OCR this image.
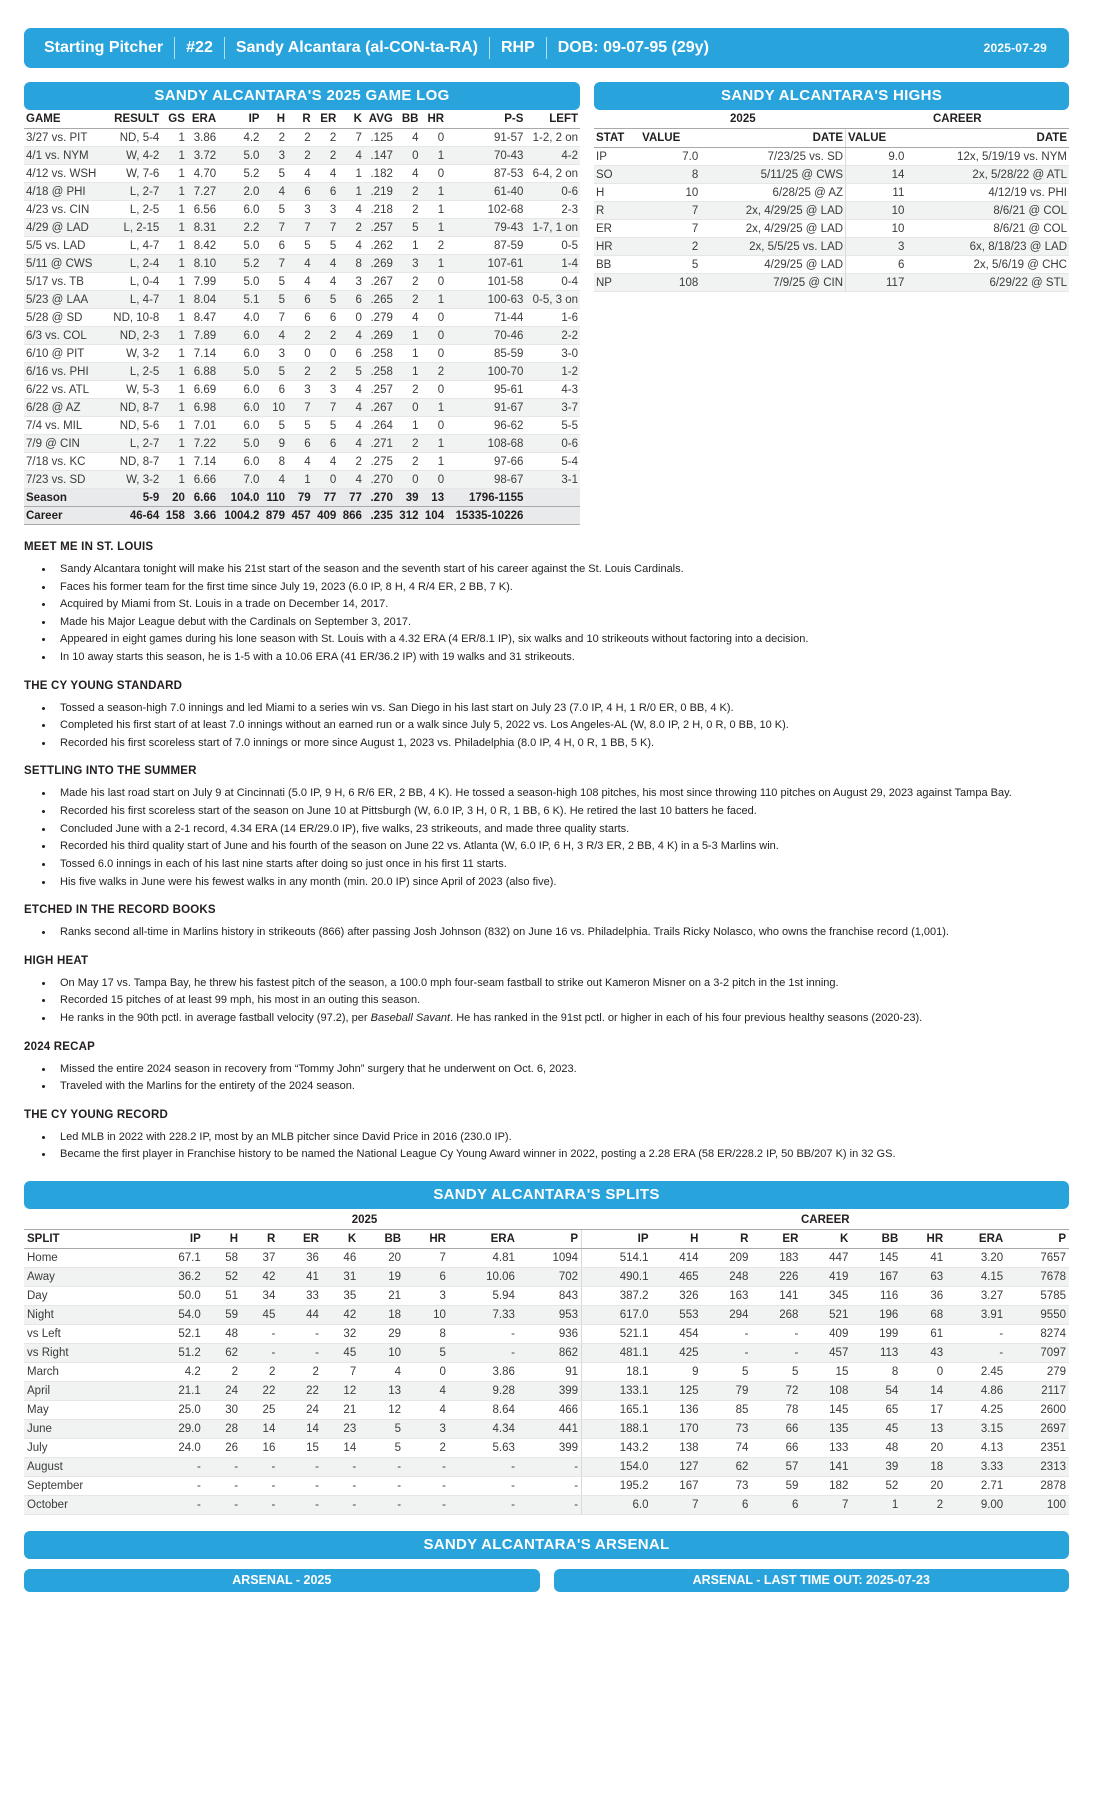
Starting Pitcher	#22	Sandy Alcantara (al-CON-ta-RA)	RHP	DOB: 09-07-95 (29y)	2025-07-29
SANDY ALCANTARA'S 2025 GAME LOG
GAME	RESULT	GS	ERA	IP	H	R	ER	K	AVG	BB	HR	P-S	LEFT
3/27 vs. PIT	ND, 5-4	1	3.86	4.2	2	2	2	7	.125	4	0	91-57	1-2, 2 on
4/1 vs. NYM	W, 4-2	1	3.72	5.0	3	2	2	4	.147	0	1	70-43	4-2
4/12 vs. WSH	W, 7-6	1	4.70	5.2	5	4	4	1	.182	4	0	87-53	6-4, 2 on
4/18 @ PHI	L, 2-7	1	7.27	2.0	4	6	6	1	.219	2	1	61-40	0-6
4/23 vs. CIN	L, 2-5	1	6.56	6.0	5	3	3	4	.218	2	1	102-68	2-3
4/29 @ LAD	L, 2-15	1	8.31	2.2	7	7	7	2	.257	5	1	79-43	1-7, 1 on
5/5 vs. LAD	L, 4-7	1	8.42	5.0	6	5	5	4	.262	1	2	87-59	0-5
5/11 @ CWS	L, 2-4	1	8.10	5.2	7	4	4	8	.269	3	1	107-61	1-4
5/17 vs. TB	L, 0-4	1	7.99	5.0	5	4	4	3	.267	2	0	101-58	0-4
5/23 @ LAA	L, 4-7	1	8.04	5.1	5	6	5	6	.265	2	1	100-63	0-5, 3 on
5/28 @ SD	ND, 10-8	1	8.47	4.0	7	6	6	0	.279	4	0	71-44	1-6
6/3 vs. COL	ND, 2-3	1	7.89	6.0	4	2	2	4	.269	1	0	70-46	2-2
6/10 @ PIT	W, 3-2	1	7.14	6.0	3	0	0	6	.258	1	0	85-59	3-0
6/16 vs. PHI	L, 2-5	1	6.88	5.0	5	2	2	5	.258	1	2	100-70	1-2
6/22 vs. ATL	W, 5-3	1	6.69	6.0	6	3	3	4	.257	2	0	95-61	4-3
6/28 @ AZ	ND, 8-7	1	6.98	6.0	10	7	7	4	.267	0	1	91-67	3-7
7/4 vs. MIL	ND, 5-6	1	7.01	6.0	5	5	5	4	.264	1	0	96-62	5-5
7/9 @ CIN	L, 2-7	1	7.22	5.0	9	6	6	4	.271	2	1	108-68	0-6
7/18 vs. KC	ND, 8-7	1	7.14	6.0	8	4	4	2	.275	2	1	97-66	5-4
7/23 vs. SD	W, 3-2	1	6.66	7.0	4	1	0	4	.270	0	0	98-67	3-1
Season	5-9	20	6.66	104.0	110	79	77	77	.270	39	13	1796-1155	
Career	46-64	158	3.66	1004.2	879	457	409	866	.235	312	104	15335-10226	
SANDY ALCANTARA'S HIGHS
	2025		CAREER	
STAT	VALUE	DATE	VALUE	DATE
IP	7.0	7/23/25 vs. SD	9.0	12x, 5/19/19 vs. NYM
SO	8	5/11/25 @ CWS	14	2x, 5/28/22 @ ATL
H	10	6/28/25 @ AZ	11	4/12/19 vs. PHI
R	7	2x, 4/29/25 @ LAD	10	8/6/21 @ COL
ER	7	2x, 4/29/25 @ LAD	10	8/6/21 @ COL
HR	2	2x, 5/5/25 vs. LAD	3	6x, 8/18/23 @ LAD
BB	5	4/29/25 @ LAD	6	2x, 5/6/19 @ CHC
NP	108	7/9/25 @ CIN	117	6/29/22 @ STL
MEET ME IN ST. LOUIS
• Sandy Alcantara tonight will make his 21st start of the season and the seventh start of his career against the St. Louis Cardinals.
• Faces his former team for the first time since July 19, 2023 (6.0 IP, 8 H, 4 R/4 ER, 2 BB, 7 K).
• Acquired by Miami from St. Louis in a trade on December 14, 2017.
• Made his Major League debut with the Cardinals on September 3, 2017.
• Appeared in eight games during his lone season with St. Louis with a 4.32 ERA (4 ER/8.1 IP), six walks and 10 strikeouts without factoring into a decision.
• In 10 away starts this season, he is 1-5 with a 10.06 ERA (41 ER/36.2 IP) with 19 walks and 31 strikeouts.
THE CY YOUNG STANDARD
• Tossed a season-high 7.0 innings and led Miami to a series win vs. San Diego in his last start on July 23 (7.0 IP, 4 H, 1 R/0 ER, 0 BB, 4 K).
• Completed his first start of at least 7.0 innings without an earned run or a walk since July 5, 2022 vs. Los Angeles-AL (W, 8.0 IP, 2 H, 0 R, 0 BB, 10 K).
• Recorded his first scoreless start of 7.0 innings or more since August 1, 2023 vs. Philadelphia (8.0 IP, 4 H, 0 R, 1 BB, 5 K).
SETTLING INTO THE SUMMER
• Made his last road start on July 9 at Cincinnati (5.0 IP, 9 H, 6 R/6 ER, 2 BB, 4 K). He tossed a season-high 108 pitches, his most since throwing 110 pitches on August 29, 2023 against Tampa Bay.
• Recorded his first scoreless start of the season on June 10 at Pittsburgh (W, 6.0 IP, 3 H, 0 R, 1 BB, 6 K). He retired the last 10 batters he faced.
• Concluded June with a 2-1 record, 4.34 ERA (14 ER/29.0 IP), five walks, 23 strikeouts, and made three quality starts.
• Recorded his third quality start of June and his fourth of the season on June 22 vs. Atlanta (W, 6.0 IP, 6 H, 3 R/3 ER, 2 BB, 4 K) in a 5-3 Marlins win.
• Tossed 6.0 innings in each of his last nine starts after doing so just once in his first 11 starts.
• His five walks in June were his fewest walks in any month (min. 20.0 IP) since April of 2023 (also five).
ETCHED IN THE RECORD BOOKS
• Ranks second all-time in Marlins history in strikeouts (866) after passing Josh Johnson (832) on June 16 vs. Philadelphia. Trails Ricky Nolasco, who owns the franchise record (1,001).
HIGH HEAT
• On May 17 vs. Tampa Bay, he threw his fastest pitch of the season, a 100.0 mph four-seam fastball to strike out Kameron Misner on a 3-2 pitch in the 1st inning.
• Recorded 15 pitches of at least 99 mph, his most in an outing this season.
• He ranks in the 90th pctl. in average fastball velocity (97.2), per Baseball Savant. He has ranked in the 91st pctl. or higher in each of his four previous healthy seasons (2020-23).
2024 RECAP
• Missed the entire 2024 season in recovery from “Tommy John” surgery that he underwent on Oct. 6, 2023.
• Traveled with the Marlins for the entirety of the 2024 season.
THE CY YOUNG RECORD
• Led MLB in 2022 with 228.2 IP, most by an MLB pitcher since David Price in 2016 (230.0 IP).
• Became the first player in Franchise history to be named the National League Cy Young Award winner in 2022, posting a 2.28 ERA (58 ER/228.2 IP, 50 BB/207 K) in 32 GS.
SANDY ALCANTARA'S SPLITS
	2025									CAREER								
SPLIT	IP	H	R	ER	K	BB	HR	ERA	P	IP	H	R	ER	K	BB	HR	ERA	P
Home	67.1	58	37	36	46	20	7	4.81	1094	514.1	414	209	183	447	145	41	3.20	7657
Away	36.2	52	42	41	31	19	6	10.06	702	490.1	465	248	226	419	167	63	4.15	7678
Day	50.0	51	34	33	35	21	3	5.94	843	387.2	326	163	141	345	116	36	3.27	5785
Night	54.0	59	45	44	42	18	10	7.33	953	617.0	553	294	268	521	196	68	3.91	9550
vs Left	52.1	48	-	-	32	29	8	-	936	521.1	454	-	-	409	199	61	-	8274
vs Right	51.2	62	-	-	45	10	5	-	862	481.1	425	-	-	457	113	43	-	7097
March	4.2	2	2	2	7	4	0	3.86	91	18.1	9	5	5	15	8	0	2.45	279
April	21.1	24	22	22	12	13	4	9.28	399	133.1	125	79	72	108	54	14	4.86	2117
May	25.0	30	25	24	21	12	4	8.64	466	165.1	136	85	78	145	65	17	4.25	2600
June	29.0	28	14	14	23	5	3	4.34	441	188.1	170	73	66	135	45	13	3.15	2697
July	24.0	26	16	15	14	5	2	5.63	399	143.2	138	74	66	133	48	20	4.13	2351
August	-	-	-	-	-	-	-	-	-	154.0	127	62	57	141	39	18	3.33	2313
September	-	-	-	-	-	-	-	-	-	195.2	167	73	59	182	52	20	2.71	2878
October	-	-	-	-	-	-	-	-	-	6.0	7	6	6	7	1	2	9.00	100
SANDY ALCANTARA'S ARSENAL
ARSENAL - 2025	ARSENAL - LAST TIME OUT: 2025-07-23
